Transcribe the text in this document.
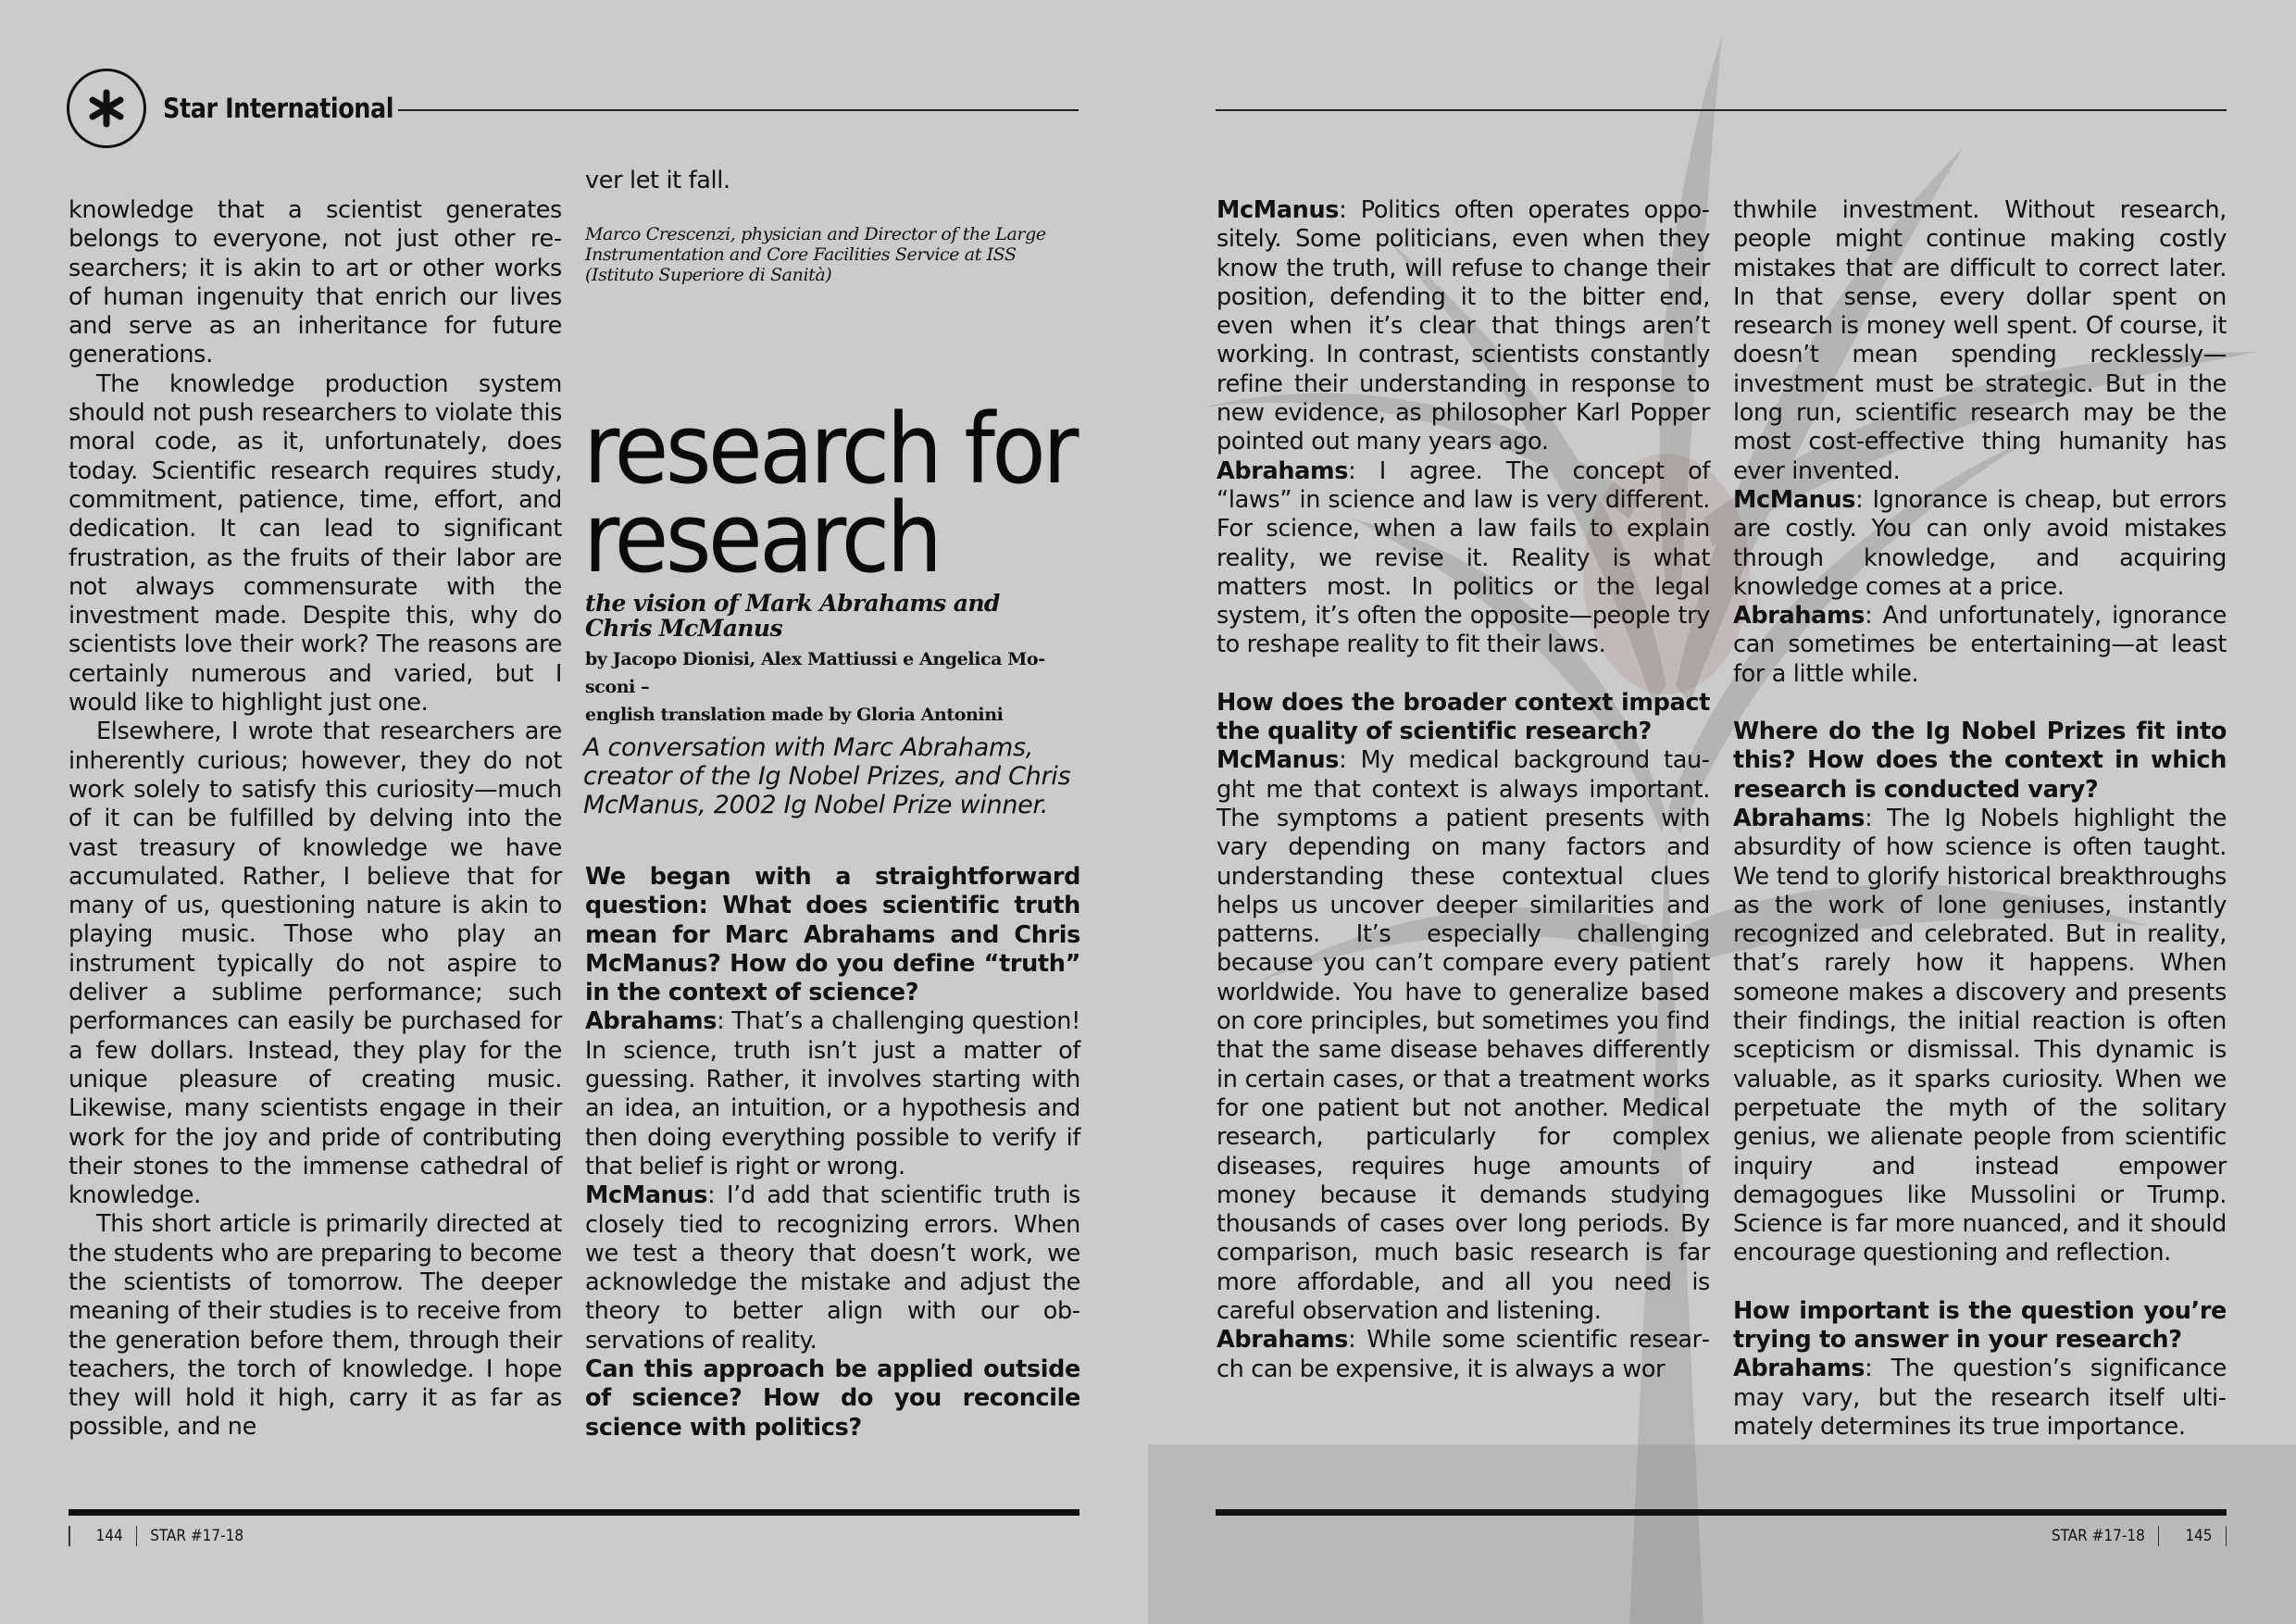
Star International

knowledge that a scientist generates belongs to everyone, not just other researchers; it is akin to art or other works of human ingenuity that enrich our lives and serve as an inheritance for future generations.

The knowledge production system should not push researchers to violate this moral code, as it, unfortunately, does today. Scientific research requires study, commitment, patience, time, effort, and dedication. It can lead to significant frustration, as the fruits of their labor are not always commensurate with the investment made. Despite this, why do scientists love their work? The reasons are certainly numerous and varied, but I would like to highlight just one.

Elsewhere, I wrote that researchers are inherently curious; however, they do not work solely to satisfy this curiosity—much of it can be fulfilled by delving into the vast treasury of knowledge we have accumulated. Rather, I believe that for many of us, questioning nature is akin to playing music. Those who play an instrument typically do not aspire to deliver a sublime performance; such performances can easily be purchased for a few dollars. Instead, they play for the unique pleasure of creating music. Likewise, many scientists engage in their work for the joy and pride of contributing their stones to the immense cathedral of knowledge.

This short article is primarily directed at the students who are preparing to become the scientists of tomorrow. The deeper meaning of their studies is to receive from the generation before them, through their teachers, the torch of knowledge. I hope they will hold it high, carry it as far as possible, and ne

ver let it fall.

Marco Crescenzi, physician and Director of the Large Instrumentation and Core Facilities Service at ISS (Istituto Superiore di Sanità)
research for
research
the vision of Mark Abrahams and Chris McManus
by Jacopo Dionisi, Alex Mattiussi e Angelica Mosconi –
english translation made by Gloria Antonini
A conversation with Marc Abrahams, creator of the Ig Nobel Prizes, and Chris McManus, 2002 Ig Nobel Prize winner.

We began with a straightforward question: What does scientific truth mean for Marc Abrahams and Chris McManus? How do you define “truth” in the context of science?

Abrahams: That’s a challenging question! In science, truth isn’t just a matter of guessing. Rather, it involves starting with an idea, an intuition, or a hypothesis and then doing everything possible to verify if that belief is right or wrong.

McManus: I’d add that scientific truth is closely tied to recognizing errors. When we test a theory that doesn’t work, we acknowledge the mistake and adjust the theory to better align with our observations of reality.

Can this approach be applied outside of science? How do you reconcile science with politics?

McManus: Politics often operates oppositely. Some politicians, even when they know the truth, will refuse to change their position, defending it to the bitter end, even when it’s clear that things aren’t working. In contrast, scientists constantly refine their understanding in response to new evidence, as philosopher Karl Popper pointed out many years ago.

Abrahams: I agree. The concept of “laws” in science and law is very different. For science, when a law fails to explain reality, we revise it. Reality is what matters most. In politics or the legal system, it’s often the opposite—people try to reshape reality to fit their laws.

How does the broader context impact the quality of scientific research?

McManus: My medical background taught me that context is always important. The symptoms a patient presents with vary depending on many factors and understanding these contextual clues helps us uncover deeper similarities and patterns. It’s especially challenging because you can’t compare every patient worldwide. You have to generalize based on core principles, but sometimes you find that the same disease behaves differently in certain cases, or that a treatment works for one patient but not another. Medical research, particularly for complex diseases, requires huge amounts of money because it demands studying thousands of cases over long periods. By comparison, much basic research is far more affordable, and all you need is careful observation and listening.

Abrahams: While some scientific research can be expensive, it is always a wor

thwhile investment. Without research, people might continue making costly mistakes that are difficult to correct later. In that sense, every dollar spent on research is money well spent. Of course, it doesn’t mean spending recklessly—investment must be strategic. But in the long run, scientific research may be the most cost-effective thing humanity has ever invented.

McManus: Ignorance is cheap, but errors are costly. You can only avoid mistakes through knowledge, and acquiring knowledge comes at a price.

Abrahams: And unfortunately, ignorance can sometimes be entertaining—at least for a little while.

Where do the Ig Nobel Prizes fit into this? How does the context in which research is conducted vary?

Abrahams: The Ig Nobels highlight the absurdity of how science is often taught. We tend to glorify historical breakthroughs as the work of lone geniuses, instantly recognized and celebrated. But in reality, that’s rarely how it happens. When someone makes a discovery and presents their findings, the initial reaction is often scepticism or dismissal. This dynamic is valuable, as it sparks curiosity. When we perpetuate the myth of the solitary genius, we alienate people from scientific inquiry and instead empower demagogues like Mussolini or Trump. Science is far more nuanced, and it should encourage questioning and reflection.

How important is the question you’re trying to answer in your research?

Abrahams: The question’s significance may vary, but the research itself ultimately determines its true importance.

144 STAR #17-18	STAR #17-18	145
